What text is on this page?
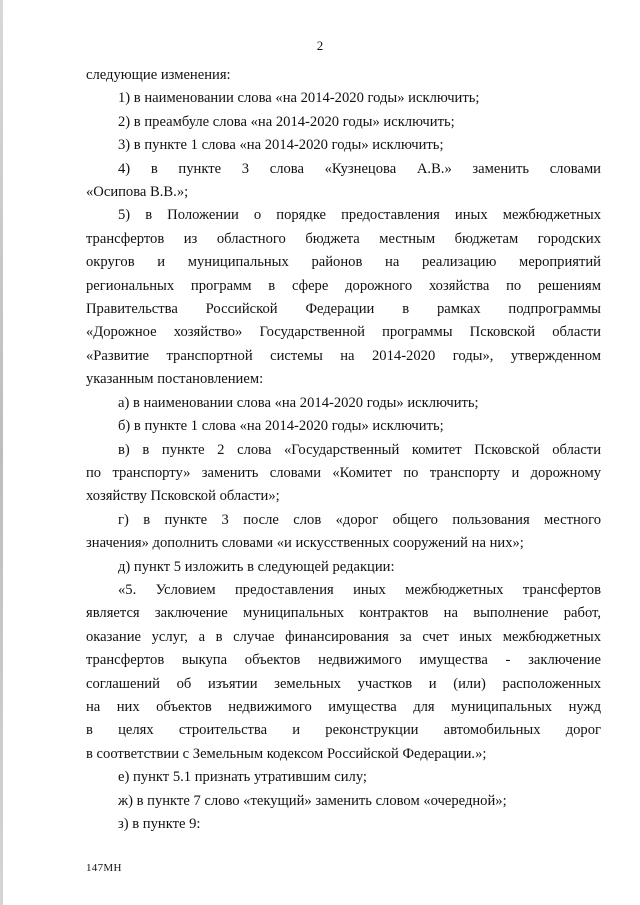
2

следующие изменения:

1) в наименовании слова «на 2014-2020 годы» исключить;

2) в преамбуле слова «на 2014-2020 годы» исключить;

3) в пункте 1 слова «на 2014-2020 годы» исключить;

4) в пункте 3 слова «Кузнецова А.В.» заменить словами

«Осипова В.В.»;

5) в Положении о порядке предоставления иных межбюджетных

трансфертов из областного бюджета местным бюджетам городских

округов и муниципальных районов на реализацию мероприятий

региональных программ в сфере дорожного хозяйства по решениям

Правительства Российской Федерации в рамках подпрограммы

«Дорожное хозяйство» Государственной программы Псковской области

«Развитие транспортной системы на 2014-2020 годы», утвержденном

указанным постановлением:

а) в наименовании слова «на 2014-2020 годы» исключить;

б) в пункте 1 слова «на 2014-2020 годы» исключить;

в) в пункте 2 слова «Государственный комитет Псковской области

по транспорту» заменить словами «Комитет по транспорту и дорожному

хозяйству Псковской области»;

г) в пункте 3 после слов «дорог общего пользования местного

значения» дополнить словами «и искусственных сооружений на них»;

д) пункт 5 изложить в следующей редакции:

«5. Условием предоставления иных межбюджетных трансфертов

является заключение муниципальных контрактов на выполнение работ,

оказание услуг, а в случае финансирования за счет иных межбюджетных

трансфертов выкупа объектов недвижимого имущества - заключение

соглашений об изъятии земельных участков и (или) расположенных

на них объектов недвижимого имущества для муниципальных нужд

в целях строительства и реконструкции автомобильных дорог

в соответствии с Земельным кодексом Российской Федерации.»;

е) пункт 5.1 признать утратившим силу;

ж) в пункте 7 слово «текущий» заменить словом «очередной»;

з) в пункте 9:

147МН
